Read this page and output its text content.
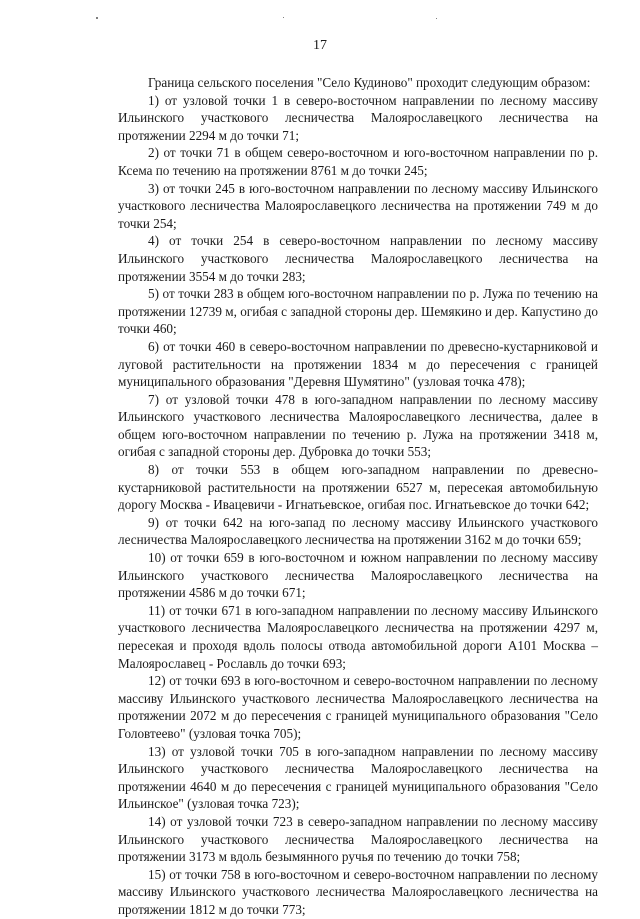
17

Граница сельского поселения "Село Кудиново" проходит следующим образом:

1) от узловой точки 1 в северо-восточном направлении по лесному массиву Ильинского участкового лесничества Малоярославецкого лесничества на протяжении 2294 м до точки 71;

2) от точки 71 в общем северо-восточном и юго-восточном направлении по р. Ксема по течению на протяжении 8761 м до точки 245;

3) от точки 245 в юго-восточном направлении по лесному массиву Ильинского участкового лесничества Малоярославецкого лесничества на протяжении 749 м до точки 254;

4) от точки 254 в северо-восточном направлении по лесному массиву Ильинского участкового лесничества Малоярославецкого лесничества на протяжении 3554 м до точки 283;

5) от точки 283 в общем юго-восточном направлении по р. Лужа по течению на протяжении 12739 м, огибая с западной стороны дер. Шемякино и дер. Капустино до точки 460;

6) от точки 460 в северо-восточном направлении по древесно-кустарниковой и луговой растительности на протяжении 1834 м до пересечения с границей муниципального образования "Деревня Шумятино" (узловая точка 478);

7) от узловой точки 478 в юго-западном направлении по лесному массиву Ильинского участкового лесничества Малоярославецкого лесничества, далее в общем юго-восточном направлении по течению р. Лужа на протяжении 3418 м, огибая с западной стороны дер. Дубровка до точки 553;

8) от точки 553 в общем юго-западном направлении по древесно-кустарниковой растительности на протяжении 6527 м, пересекая автомобильную дорогу Москва - Ивацевичи - Игнатьевское, огибая пос. Игнатьевское до точки 642;

9) от точки 642 на юго-запад по лесному массиву Ильинского участкового лесничества Малоярославецкого лесничества на протяжении 3162 м до точки 659;

10) от точки 659 в юго-восточном и южном направлении по лесному массиву Ильинского участкового лесничества Малоярославецкого лесничества на протяжении 4586 м до точки 671;

11) от точки 671 в юго-западном направлении по лесному массиву Ильинского участкового лесничества Малоярославецкого лесничества на протяжении 4297 м, пересекая и проходя вдоль полосы отвода автомобильной дороги А101 Москва – Малоярославец - Рославль до точки 693;

12) от точки 693 в юго-восточном и северо-восточном направлении по лесному массиву Ильинского участкового лесничества Малоярославецкого лесничества на протяжении 2072 м до пересечения с границей муниципального образования "Село Головтеево" (узловая точка 705);

13) от узловой точки 705 в юго-западном направлении по лесному массиву Ильинского участкового лесничества Малоярославецкого лесничества на протяжении 4640 м до пересечения с границей муниципального образования "Село Ильинское" (узловая точка 723);

14) от узловой точки 723 в северо-западном направлении по лесному массиву Ильинского участкового лесничества Малоярославецкого лесничества на протяжении 3173 м вдоль безымянного ручья по течению до точки 758;

15) от точки 758 в юго-восточном и северо-восточном направлении по лесному массиву Ильинского участкового лесничества Малоярославецкого лесничества на протяжении 1812 м до точки 773;
